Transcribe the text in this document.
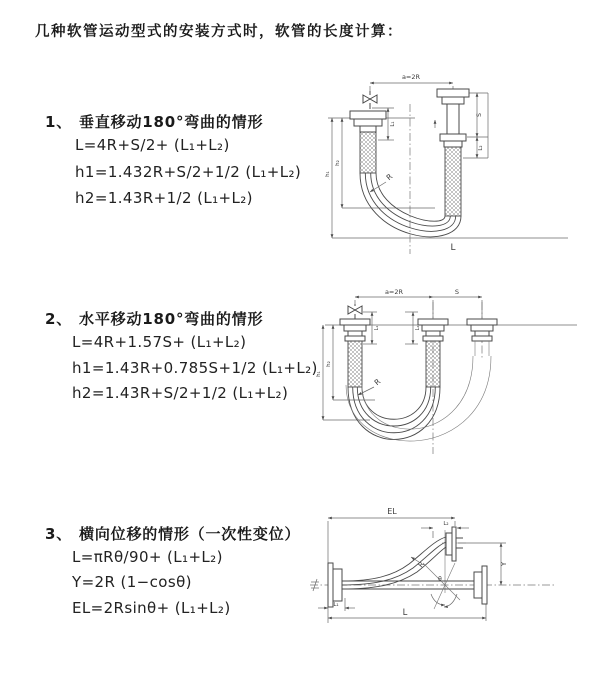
几种软管运动型式的安装方式时，软管的长度计算：
1、 垂直移动180°弯曲的情形
L=4R+S/2+ (L₁+L₂)
h1=1.432R+S/2+1/2 (L₁+L₂)
h2=1.43R+1/2 (L₁+L₂)
2、 水平移动180°弯曲的情形
L=4R+1.57S+ (L₁+L₂)
h1=1.43R+0.785S+1/2 (L₁+L₂)
h2=1.43R+S/2+1/2 (L₁+L₂)
3、 横向位移的情形（一次性变位）
L=πRθ/90+ (L₁+L₂)
Y=2R (1−cosθ)
EL=2Rsinθ+ (L₁+L₂)
a=2R
S
L₂
h₁
h₂
L₁
L
R
a=2R	S
h₁
h₂
L₁	L₂
R
EL
L₂
Y
L
L₁
θ
R
